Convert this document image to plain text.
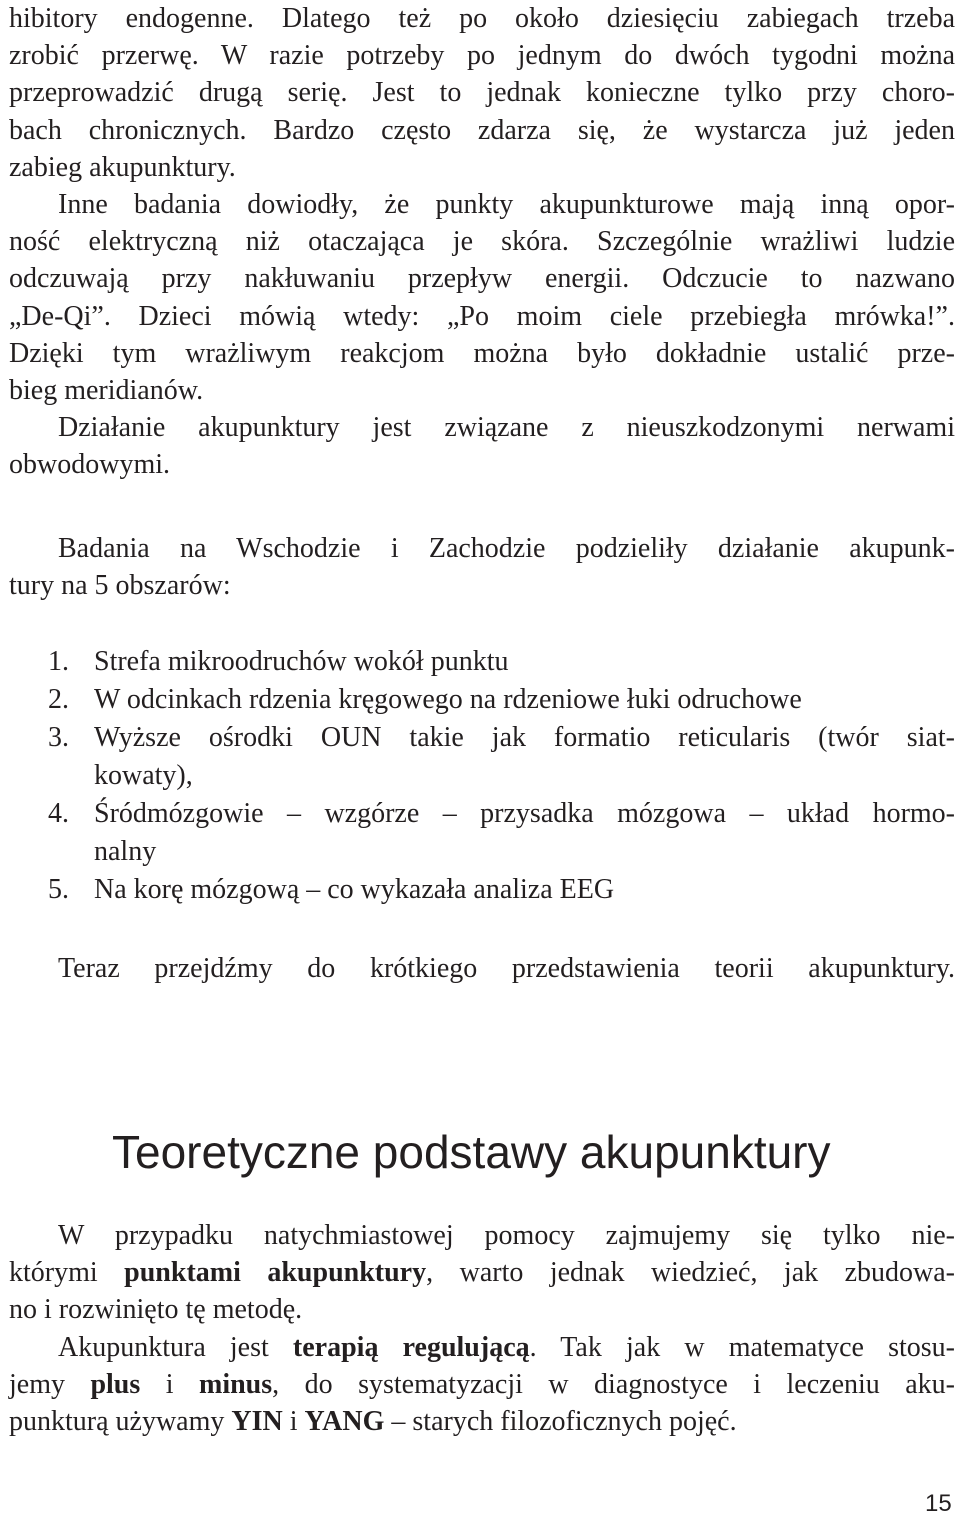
hibitory endogenne. Dlatego też po około dziesięciu zabiegach trzeba
zrobić przerwę. W razie potrzeby po jednym do dwóch tygodni można
przeprowadzić drugą serię. Jest to jednak konieczne tylko przy choro-
bach chronicznych. Bardzo często zdarza się, że wystarcza już jeden
zabieg akupunktury.

Inne badania dowiodły, że punkty akupunkturowe mają inną opor-
ność elektryczną niż otaczająca je skóra. Szczególnie wrażliwi ludzie
odczuwają przy nakłuwaniu przepływ energii. Odczucie to nazwano
„De-Qi”. Dzieci mówią wtedy: „Po moim ciele przebiegła mrówka!”.
Dzięki tym wrażliwym reakcjom można było dokładnie ustalić prze-
bieg meridianów.

Działanie akupunktury jest związane z nieuszkodzonymi nerwami
obwodowymi.

Badania na Wschodzie i Zachodzie podzieliły działanie akupunk-
tury na 5 obszarów:

1. Strefa mikroodruchów wokół punktu
2. W odcinkach rdzenia kręgowego na rdzeniowe łuki odruchowe
3. Wyższe ośrodki OUN takie jak formatio reticularis (twór siat-
kowaty),
4. Śródmózgowie – wzgórze – przysadka mózgowa – układ hormo-
nalny
5. Na korę mózgową – co wykazała analiza EEG

Teraz przejdźmy do krótkiego przedstawienia teorii akupunktury.

Teoretyczne podstawy akupunktury

W przypadku natychmiastowej pomocy zajmujemy się tylko nie-
którymi punktami akupunktury, warto jednak wiedzieć, jak zbudowa-
no i rozwinięto tę metodę.

Akupunktura jest terapią regulującą. Tak jak w matematyce stosu-
jemy plus i minus, do systematyzacji w diagnostyce i leczeniu aku-
punkturą używamy YIN i YANG – starych filozoficznych pojęć.

15
